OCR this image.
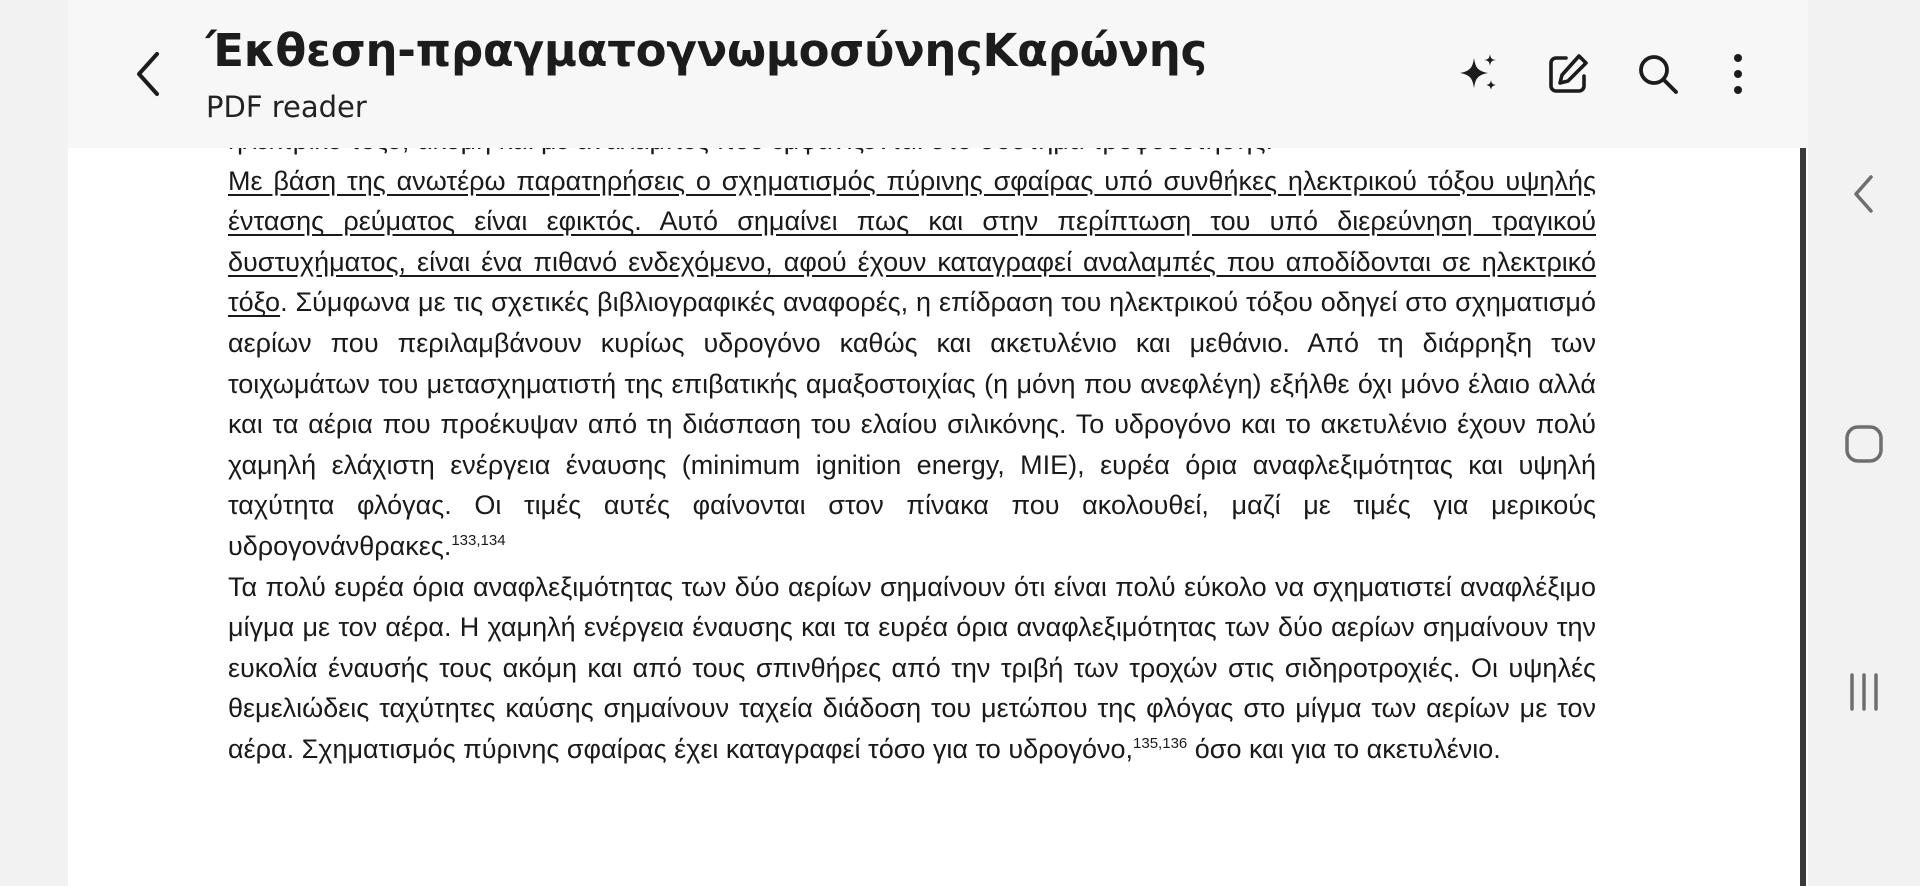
Με βάση της ανωτέρω παρατηρήσεις ο σχηματισμός πύρινης σφαίρας υπό συνθήκες ηλεκτρικού τόξου υψηλής έντασης ρεύματος είναι εφικτός. Αυτό σημαίνει πως και στην περίπτωση του υπό διερεύνηση τραγικού δυστυχήματος, είναι ένα πιθανό ενδεχόμενο, αφού έχουν καταγραφεί αναλαμπές που αποδίδονται σε ηλεκτρικό τόξο. Σύμφωνα με τις σχετικές βιβλιογραφικές αναφορές, η επίδραση του ηλεκτρικού τόξου οδηγεί στο σχηματισμό αερίων που περιλαμβάνουν κυρίως υδρογόνο καθώς και ακετυλένιο και μεθάνιο. Από τη διάρρηξη των τοιχωμάτων του μετασχηματιστή της επιβατικής αμαξοστοιχίας (η μόνη που ανεφλέγη) εξήλθε όχι μόνο έλαιο αλλά και τα αέρια που προέκυψαν από τη διάσπαση του ελαίου σιλικόνης. Το υδρογόνο και το ακετυλένιο έχουν πολύ χαμηλή ελάχιστη ενέργεια έναυσης (minimum ignition energy, MIE), ευρέα όρια αναφλεξιμότητας και υψηλή ταχύτητα φλόγας. Οι τιμές αυτές φαίνονται στον πίνακα που ακολουθεί, μαζί με τιμές για μερικούς υδρογονάνθρακες.$^{133,134}$

Τα πολύ ευρέα όρια αναφλεξιμότητας των δύο αερίων σημαίνουν ότι είναι πολύ εύκολο να σχηματιστεί αναφλέξιμο μίγμα με τον αέρα. Η χαμηλή ενέργεια έναυσης και τα ευρέα όρια αναφλεξιμότητας των δύο αερίων σημαίνουν την ευκολία έναυσής τους ακόμη και από τους σπινθήρες από την τριβή των τροχών στις σιδηροτροχιές. Οι υψηλές θεμελιώδεις ταχύτητες καύσης σημαίνουν ταχεία διάδοση του μετώπου της φλόγας στο μίγμα των αερίων με τον αέρα. Σχηματισμός πύρινης σφαίρας έχει καταγραφεί τόσο για το υδρογόνο,$^{135,136}$ όσο και για το ακετυλένιο.

Έκθεση-πραγματογνωμοσύνηςΚαρώνης
PDF reader
